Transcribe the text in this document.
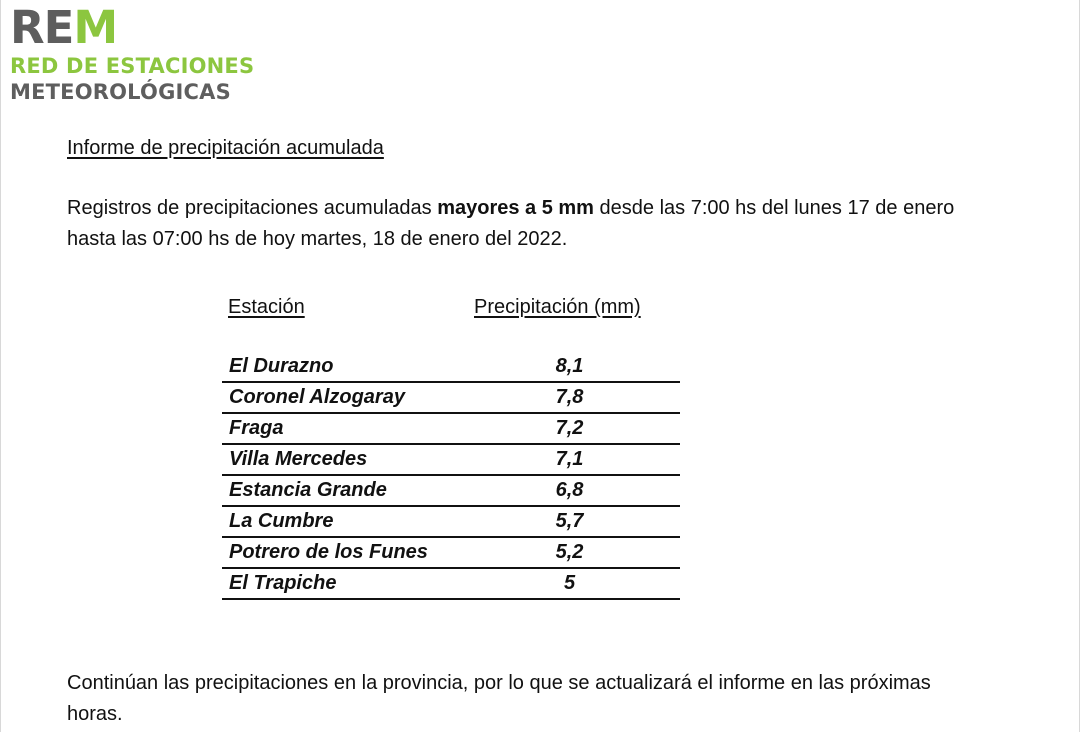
REM
RED DE ESTACIONES
METEOROLÓGICAS
Informe de precipitación acumulada
Registros de precipitaciones acumuladas mayores a 5 mm desde las 7:00 hs del lunes 17 de enero hasta las 07:00 hs de hoy martes, 18 de enero del 2022.
Estación	Precipitación (mm)
El Durazno	8,1
Coronel Alzogaray	7,8
Fraga	7,2
Villa Mercedes	7,1
Estancia Grande	6,8
La Cumbre	5,7
Potrero de los Funes	5,2
El Trapiche	5
Continúan las precipitaciones en la provincia, por lo que se actualizará el informe en las próximas horas.
